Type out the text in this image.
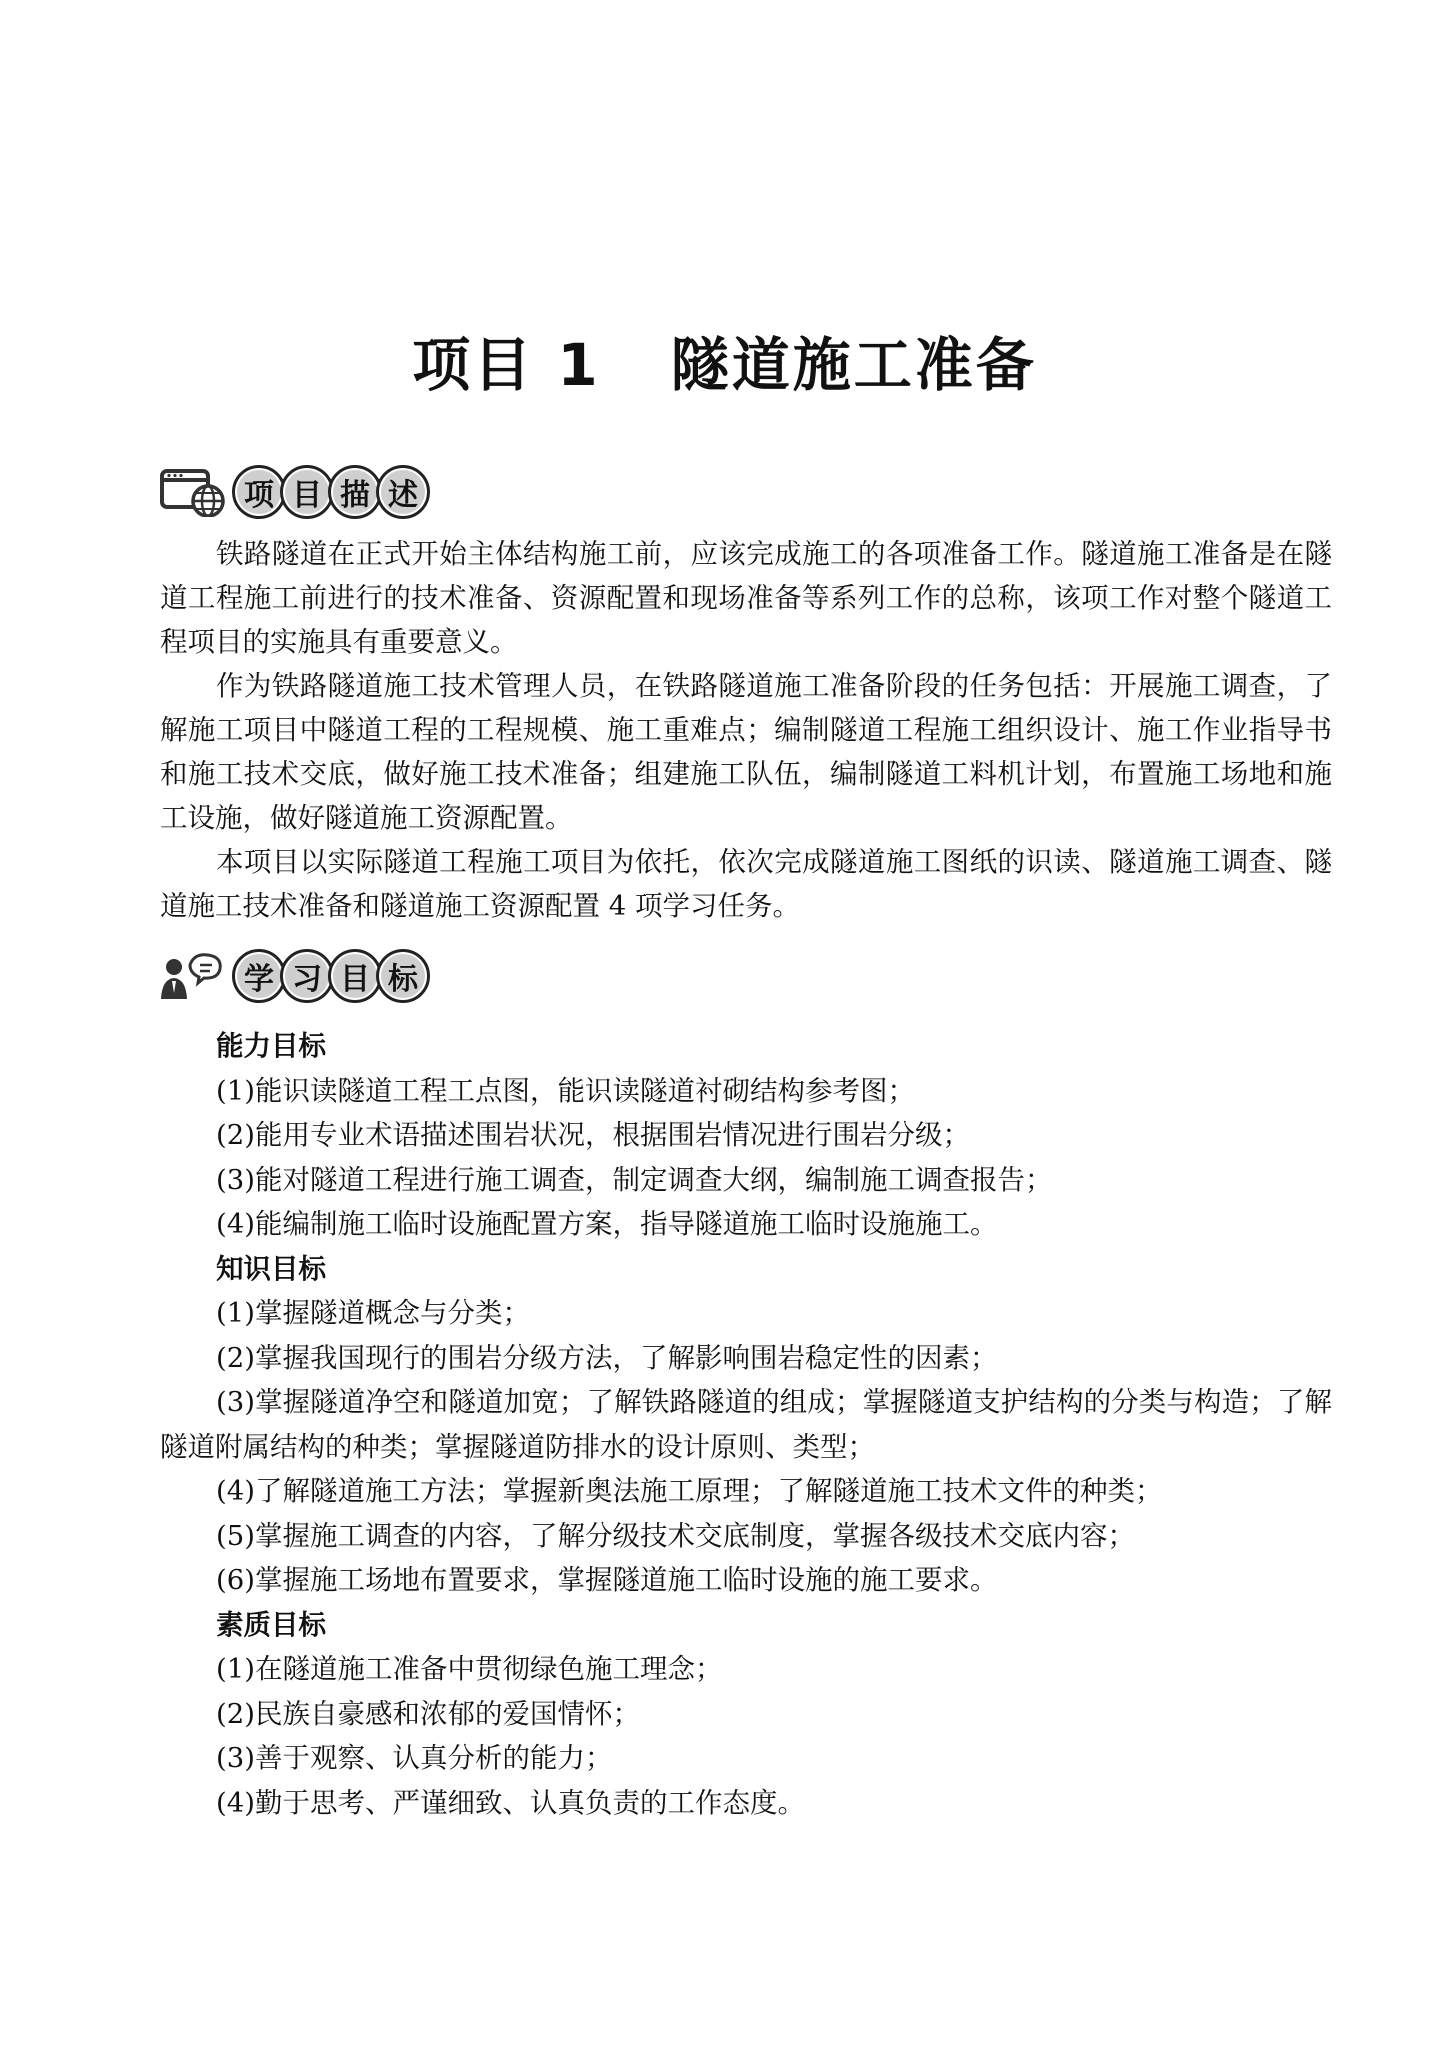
项目 1 隧道施工准备
项 目 描 述

铁路隧道在正式开始主体结构施工前，应该完成施工的各项准备工作。隧道施工准备是在隧道工程施工前进行的技术准备、资源配置和现场准备等系列工作的总称，该项工作对整个隧道工程项目的实施具有重要意义。

作为铁路隧道施工技术管理人员，在铁路隧道施工准备阶段的任务包括：开展施工调查，了解施工项目中隧道工程的工程规模、施工重难点；编制隧道工程施工组织设计、施工作业指导书和施工技术交底，做好施工技术准备；组建施工队伍，编制隧道工料机计划，布置施工场地和施工设施，做好隧道施工资源配置。

本项目以实际隧道工程施工项目为依托，依次完成隧道施工图纸的识读、隧道施工调查、隧道施工技术准备和隧道施工资源配置 4 项学习任务。

学 习 目 标
能力目标
(1)能识读隧道工程工点图，能识读隧道衬砌结构参考图；
(2)能用专业术语描述围岩状况，根据围岩情况进行围岩分级；
(3)能对隧道工程进行施工调查，制定调查大纲，编制施工调查报告；
(4)能编制施工临时设施配置方案，指导隧道施工临时设施施工。
知识目标
(1)掌握隧道概念与分类；
(2)掌握我国现行的围岩分级方法，了解影响围岩稳定性的因素；
(3)掌握隧道净空和隧道加宽；了解铁路隧道的组成；掌握隧道支护结构的分类与构造；了解隧道附属结构的种类；掌握隧道防排水的设计原则、类型；
(4)了解隧道施工方法；掌握新奥法施工原理；了解隧道施工技术文件的种类；
(5)掌握施工调查的内容，了解分级技术交底制度，掌握各级技术交底内容；
(6)掌握施工场地布置要求，掌握隧道施工临时设施的施工要求。
素质目标
(1)在隧道施工准备中贯彻绿色施工理念；
(2)民族自豪感和浓郁的爱国情怀；
(3)善于观察、认真分析的能力；
(4)勤于思考、严谨细致、认真负责的工作态度。
